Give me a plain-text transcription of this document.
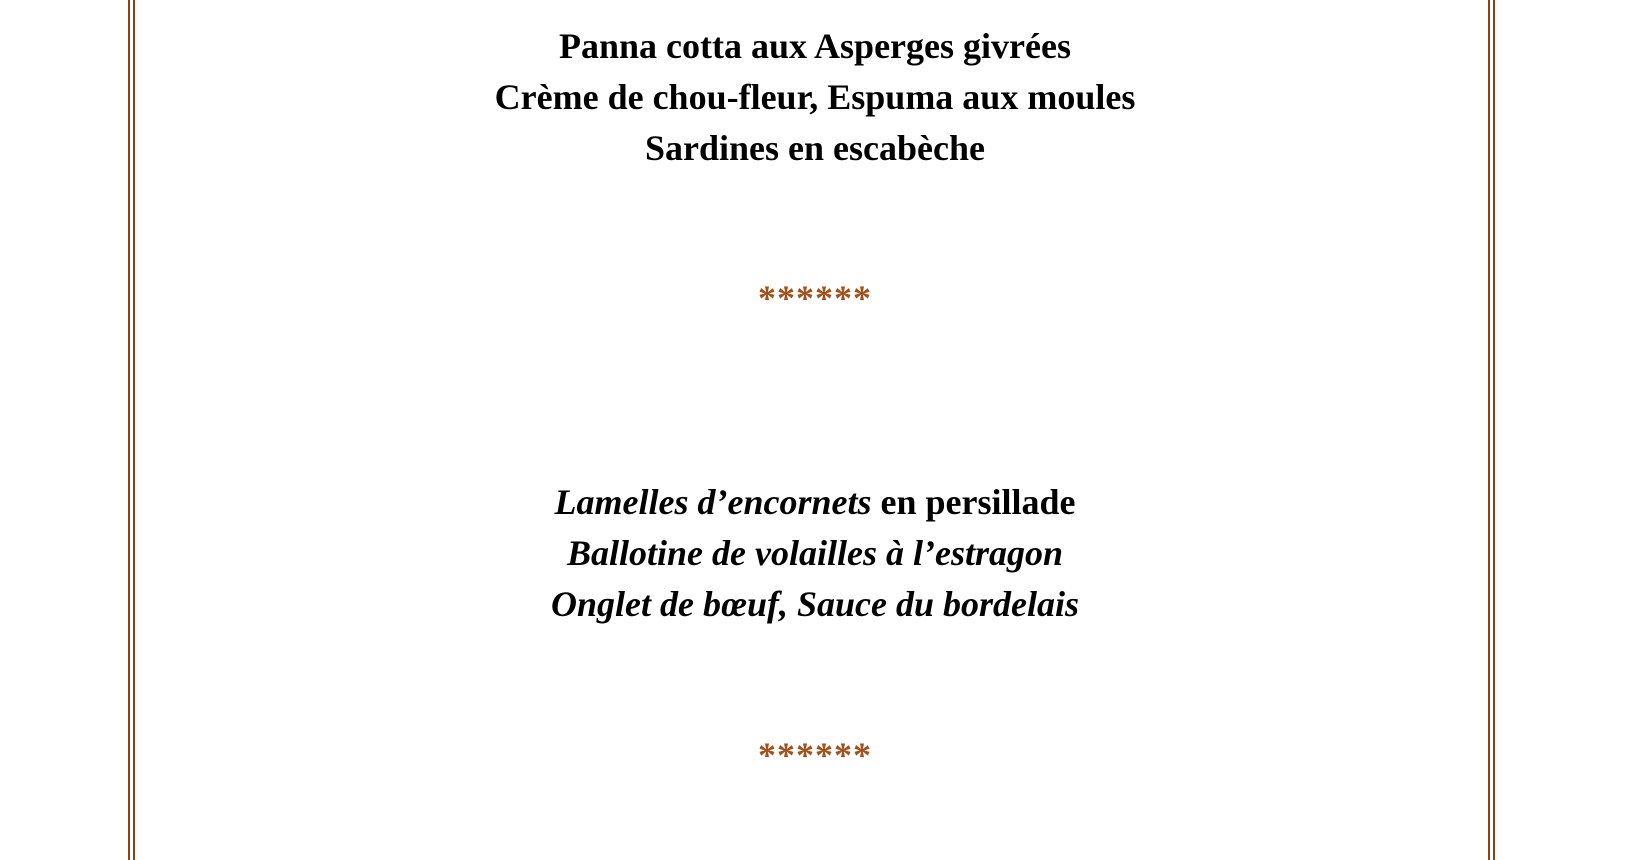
Panna cotta aux Asperges givrées
Crème de chou-fleur, Espuma aux moules
Sardines en escabèche
******
Lamelles d’encornets en persillade
Ballotine de volailles à l’estragon
Onglet de bœuf, Sauce du bordelais
******
